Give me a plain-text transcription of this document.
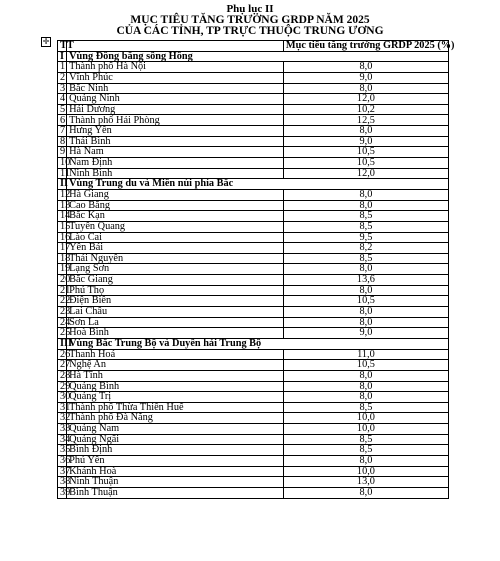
Phụ lục II
MỤC TIÊU TĂNG TRƯỞNG GRDP NĂM 2025
CỦA CÁC TỈNH, TP TRỰC THUỘC TRUNG ƯƠNG
✛ TT		Mục tiêu tăng trưởng GRDP 2025 (%)
I	Vùng Đồng bằng sông Hồng	
1	Thành phố Hà Nội	8,0
2	Vĩnh Phúc	9,0
3	Bắc Ninh	8,0
4	Quảng Ninh	12,0
5	Hải Dương	10,2
6	Thành phố Hải Phòng	12,5
7	Hưng Yên	8,0
8	Thái Bình	9,0
9	Hà Nam	10,5
10	Nam Định	10,5
11	Ninh Bình	12,0
II	Vùng Trung du và Miền núi phía Bắc	
12	Hà Giang	8,0
13	Cao Bằng	8,0
14	Bắc Kạn	8,5
15	Tuyên Quang	8,5
16	Lào Cai	9,5
17	Yên Bái	8,2
18	Thái Nguyên	8,5
19	Lạng Sơn	8,0
20	Bắc Giang	13,6
21	Phú Thọ	8,0
22	Điện Biên	10,5
23	Lai Châu	8,0
24	Sơn La	8,0
25	Hoà Bình	9,0
III	Vùng Bắc Trung Bộ và Duyên hải Trung Bộ	
26	Thanh Hoá	11,0
27	Nghệ An	10,5
28	Hà Tĩnh	8,0
29	Quảng Bình	8,0
30	Quảng Trị	8,0
31	Thành phố Thừa Thiên Huế	8,5
32	Thành phố Đà Nẵng	10,0
33	Quảng Nam	10,0
34	Quảng Ngãi	8,5
35	Bình Định	8,5
36	Phú Yên	8,0
37	Khánh Hoà	10,0
38	Ninh Thuận	13,0
39	Bình Thuận	8,0
